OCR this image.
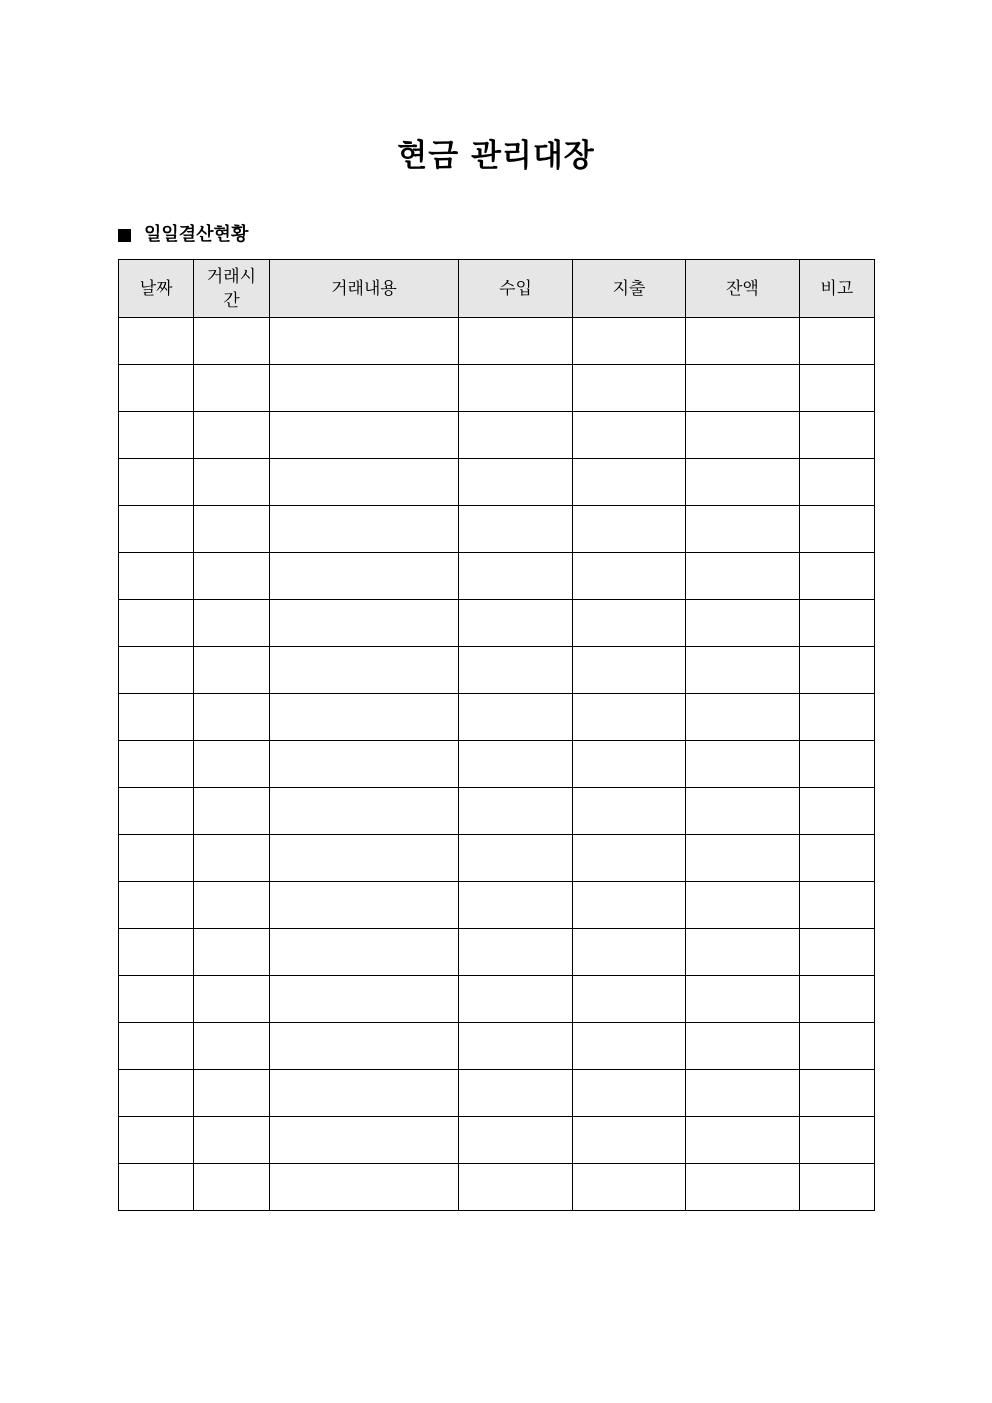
현금 관리대장
일일결산현황
날짜	거래시간	거래내용	수입	지출	잔액	비고
